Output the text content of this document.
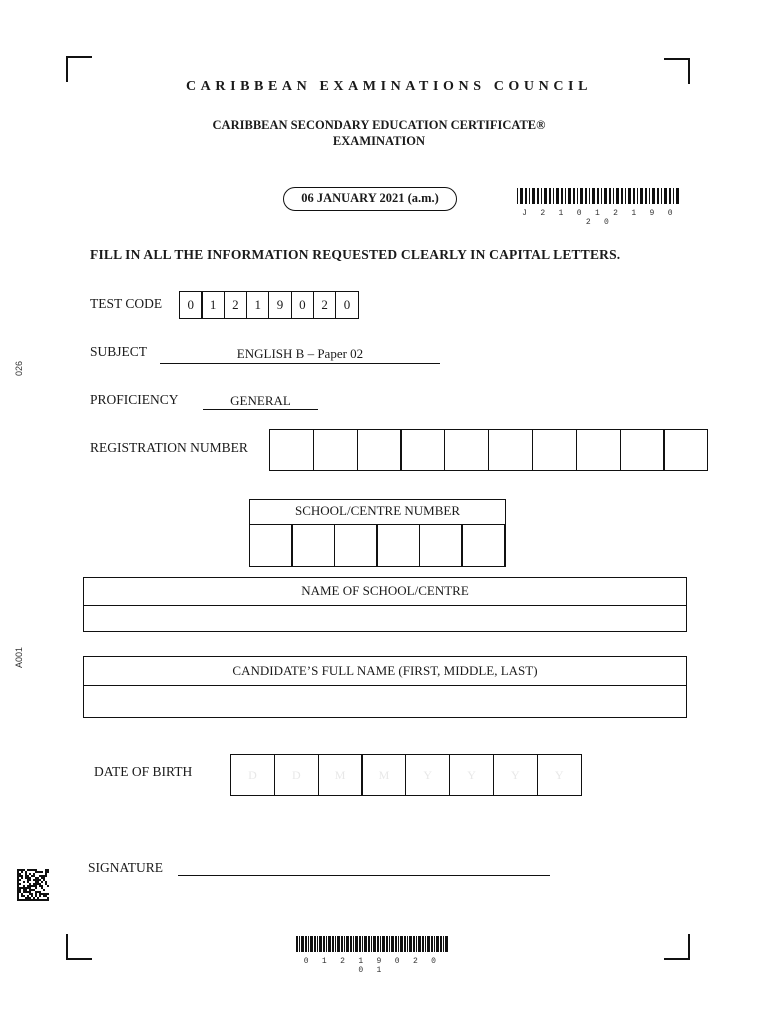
026
A001
CARIBBEAN EXAMINATIONS COUNCIL
CARIBBEAN SECONDARY EDUCATION CERTIFICATE®
EXAMINATION
06 JANUARY 2021 (a.m.)
J 2 1 0 1 2 1 9 0 2 0
FILL IN ALL THE INFORMATION REQUESTED CLEARLY IN CAPITAL LETTERS.
TEST CODE	0	1	2	1	9	0	2	0
SUBJECT	ENGLISH B – Paper 02
PROFICIENCY	GENERAL
REGISTRATION NUMBER
SCHOOL/CENTRE NUMBER
NAME OF SCHOOL/CENTRE
CANDIDATE’S FULL NAME (FIRST, MIDDLE, LAST)
DATE OF BIRTH	D	D	M	M	Y	Y	Y	Y
SIGNATURE
0 1 2 1 9 0 2 0 0 1
